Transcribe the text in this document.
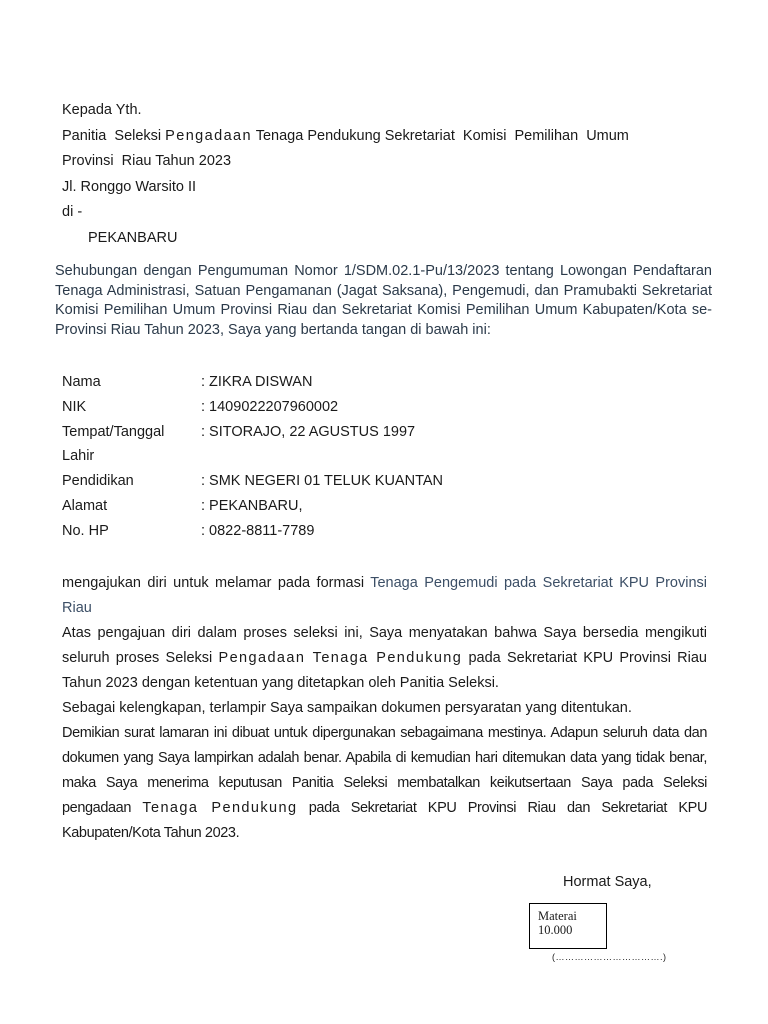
Kepada Yth.
Panitia  Seleksi Pengadaan Tenaga Pendukung Sekretariat  Komisi  Pemilihan  Umum
Provinsi  Riau Tahun 2023
Jl. Ronggo Warsito II
di -
PEKANBARU
Sehubungan dengan Pengumuman Nomor 1/SDM.02.1-Pu/13/2023 tentang Lowongan Pendaftaran Tenaga Administrasi, Satuan Pengamanan (Jagat Saksana), Pengemudi, dan Pramubakti Sekretariat Komisi Pemilihan Umum Provinsi Riau dan Sekretariat Komisi Pemilihan Umum Kabupaten/Kota se-Provinsi Riau Tahun 2023, Saya yang bertanda tangan di bawah ini:
Nama	: ZIKRA DISWAN
NIK	: 1409022207960002
Tempat/Tanggal	: SITORAJO, 22 AGUSTUS 1997
Lahir
Pendidikan	: SMK NEGERI 01 TELUK KUANTAN
Alamat	: PEKANBARU,
No. HP	: 0822-8811-7789

mengajukan diri untuk melamar pada formasi Tenaga Pengemudi pada Sekretariat KPU Provinsi Riau

Atas pengajuan diri dalam proses seleksi ini, Saya menyatakan bahwa Saya bersedia mengikuti seluruh proses Seleksi Pengadaan Tenaga Pendukung pada Sekretariat KPU Provinsi Riau Tahun 2023 dengan ketentuan yang ditetapkan oleh Panitia Seleksi.

Sebagai kelengkapan, terlampir Saya sampaikan dokumen persyaratan yang ditentukan.

Demikian surat lamaran ini dibuat untuk dipergunakan sebagaimana mestinya. Adapun seluruh data dan dokumen yang Saya lampirkan adalah benar. Apabila di kemudian hari ditemukan data yang tidak benar, maka Saya menerima keputusan Panitia Seleksi membatalkan keikutsertaan Saya pada Seleksi pengadaan Tenaga Pendukung pada Sekretariat KPU Provinsi Riau dan Sekretariat KPU Kabupaten/Kota Tahun 2023.

Hormat Saya,
Materai
10.000
(…………………………….)
